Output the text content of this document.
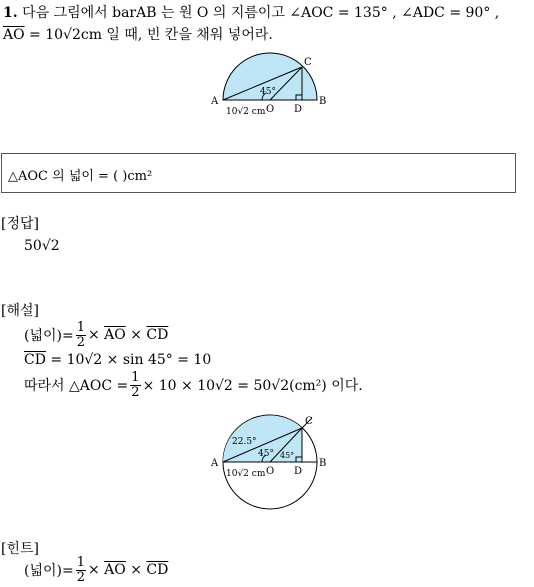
1. 다음 그림에서 barAB 는 원 O 의 지름이고 ∠AOC = 135° , ∠ADC = 90° ,
$\overline{AO} = 10√2cm$ 일 때, 빈 칸을 채워 넣어라.
A	B
C
O D
45°
10√2 cm
△AOC 의 넓이 = ( )cm²
[정답]
50√2
[해설]
(넓이)= $\frac{1}{2}$ ×
$\overline{AO}$
×
$\overline{CD}$
$\overline{CD} = 10√2 \times \sin 45^\circ = 10$
따라서 △AOC = $\frac{1}{2} \times 10 \times 10√2 = 50√2(cm^2)$ 이다.
A	B
C
O D
22.5°
45° 45°
10√2 cm
[힌트]
(넓이)= $\frac{1}{2}$ ×
$\overline{AO}$
×
$\overline{CD}$
